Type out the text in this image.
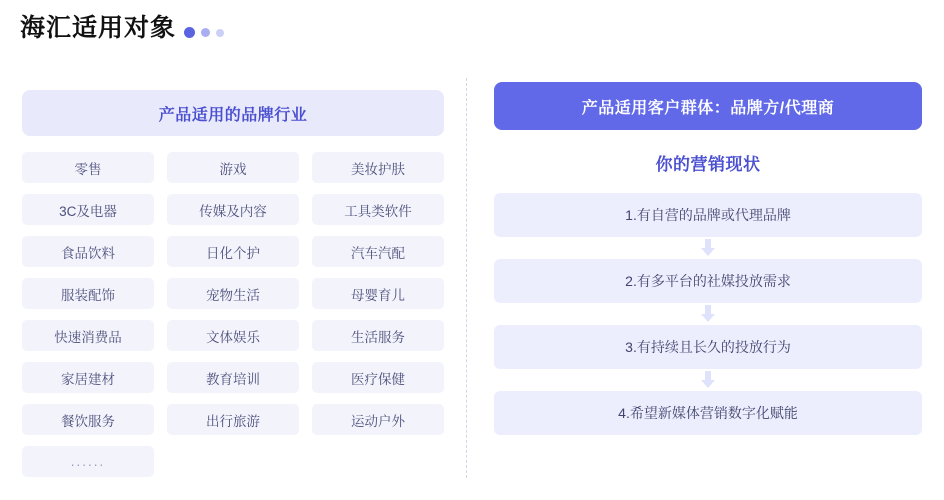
海汇适用对象
产品适用的品牌行业
零售	游戏	美妆护肤
3C及电器	传媒及内容	工具类软件
食品饮料	日化个护	汽车汽配
服装配饰	宠物生活	母婴育儿
快速消费品	文体娱乐	生活服务
家居建材	教育培训	医疗保健
餐饮服务	出行旅游	运动户外
......
产品适用客户群体：品牌方/代理商
你的营销现状
1.有自营的品牌或代理品牌
2.有多平台的社媒投放需求
3.有持续且长久的投放行为
4.希望新媒体营销数字化赋能
